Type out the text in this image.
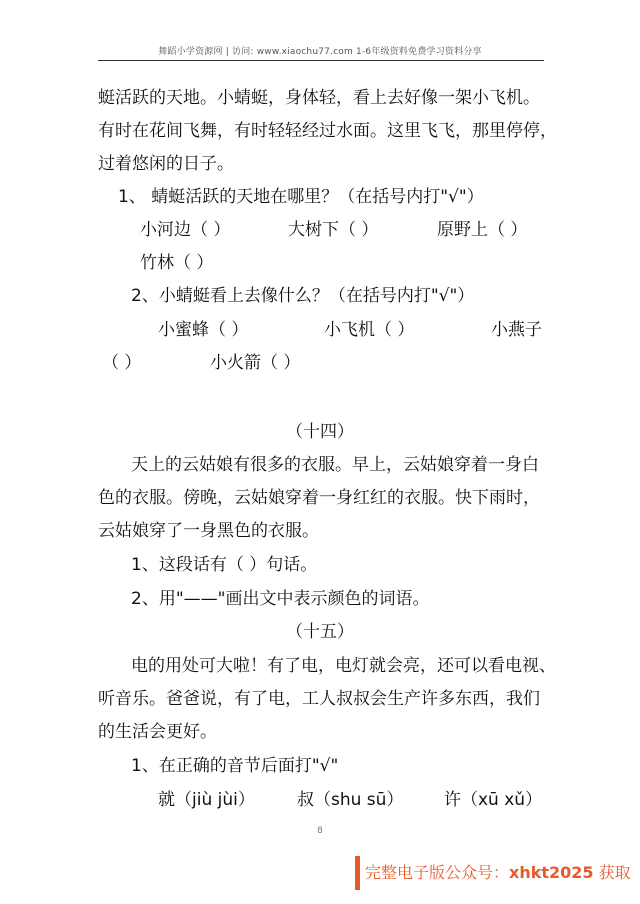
舞蹈小学资源网 | 访问: www.xiaochu77.com 1-6年级资料免费学习资料分享
蜓活跃的天地。小蜻蜓，身体轻，看上去好像一架小飞机。
有时在花间飞舞，有时轻轻经过水面。这里飞飞，那里停停，
过着悠闲的日子。
1、 蜻蜓活跃的天地在哪里？（在括号内打"√"）
小河边（ ）	大树下（ ）	原野上（ ）
竹林（ ）
2、小蜻蜓看上去像什么？（在括号内打"√"）
小蜜蜂（ ）	小飞机（ ）	小燕子
（ ）	小火箭（ ）
（十四）
天上的云姑娘有很多的衣服。早上，云姑娘穿着一身白
色的衣服。傍晚，云姑娘穿着一身红红的衣服。快下雨时，
云姑娘穿了一身黑色的衣服。
1、这段话有（ ）句话。
2、用"——"画出文中表示颜色的词语。
（十五）
电的用处可大啦！有了电，电灯就会亮，还可以看电视、
听音乐。爸爸说，有了电，工人叔叔会生产许多东西，我们
的生活会更好。
1、在正确的音节后面打"√"
就（jiù jùi） 叔（shu sū） 许（xū xǔ）
8
完整电子版公众号：xhkt2025 获取
